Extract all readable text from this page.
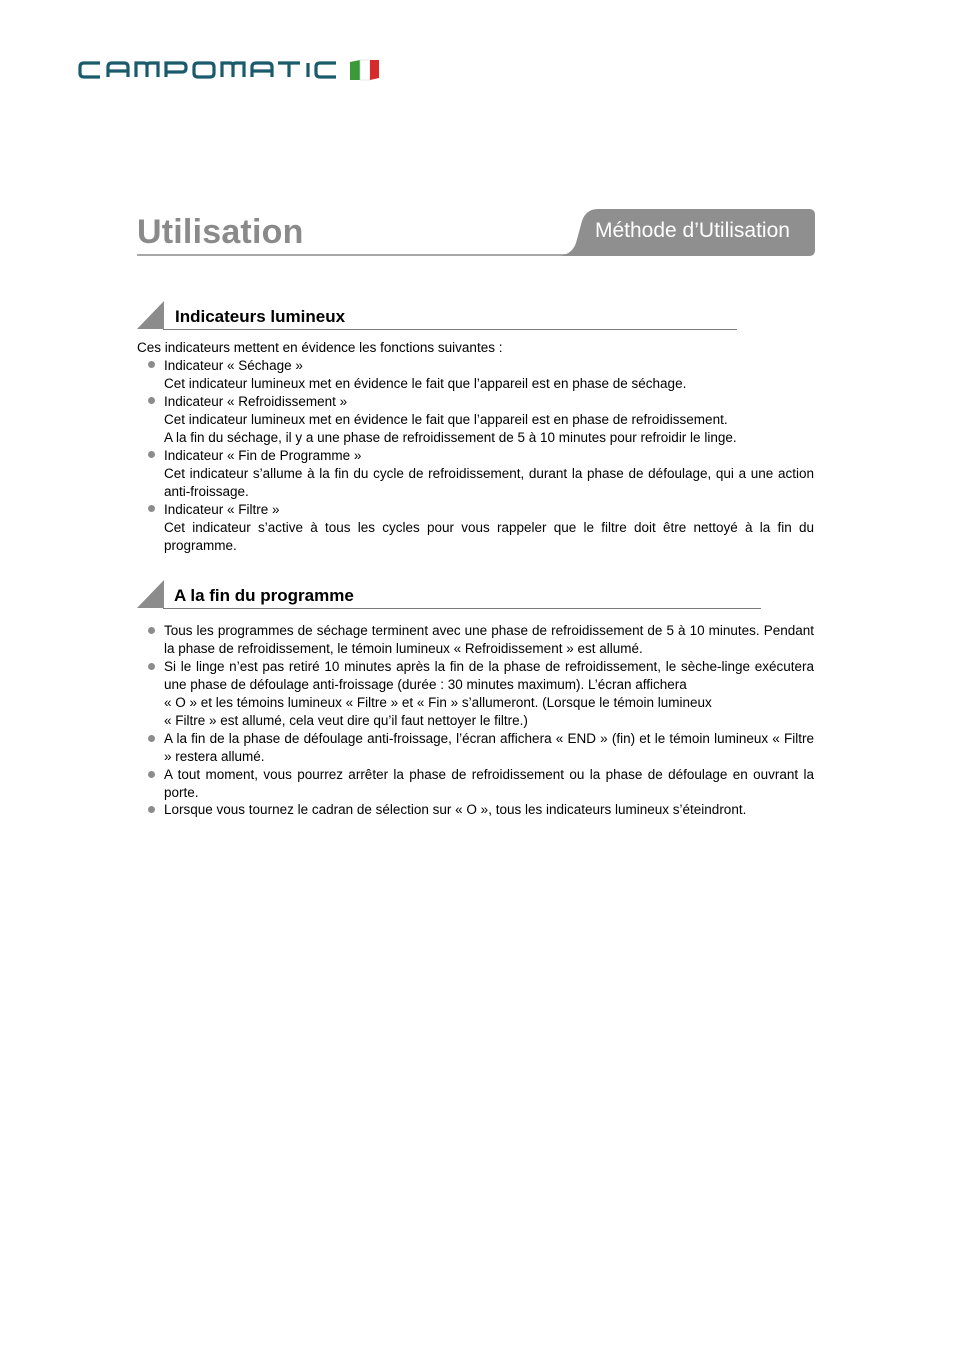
Utilisation	Méthode d’Utilisation
Indicateurs lumineux
Ces indicateurs mettent en évidence les fonctions suivantes :
Indicateur « Séchage »
Cet indicateur lumineux met en évidence le fait que l’appareil est en phase de séchage.
Indicateur « Refroidissement »
Cet indicateur lumineux met en évidence le fait que l’appareil est en phase de refroidissement.
A la fin du séchage, il y a une phase de refroidissement de 5 à 10 minutes pour refroidir le linge.
Indicateur « Fin de Programme »
Cet indicateur s’allume à la fin du cycle de refroidissement, durant la phase de défoulage, qui a une action anti-froissage.
Indicateur « Filtre »
Cet indicateur s’active à tous les cycles pour vous rappeler que le filtre doit être nettoyé à la fin du programme.
A la fin du programme
Tous les programmes de séchage terminent avec une phase de refroidissement de 5 à 10 minutes. Pendant la phase de refroidissement, le témoin lumineux « Refroidissement » est allumé.
Si le linge n’est pas retiré 10 minutes après la fin de la phase de refroidissement, le sèche-linge exécutera une phase de défoulage anti-froissage (durée : 30 minutes maximum). L’écran affichera
« O » et les témoins lumineux « Filtre » et « Fin » s’allumeront. (Lorsque le témoin lumineux
« Filtre » est allumé, cela veut dire qu’il faut nettoyer le filtre.)
A la fin de la phase de défoulage anti-froissage, l’écran affichera « END » (fin) et le témoin lumineux « Filtre » restera allumé.
A tout moment, vous pourrez arrêter la phase de refroidissement ou la phase de défoulage en ouvrant la porte.
Lorsque vous tournez le cadran de sélection sur « O », tous les indicateurs lumineux s’éteindront.
